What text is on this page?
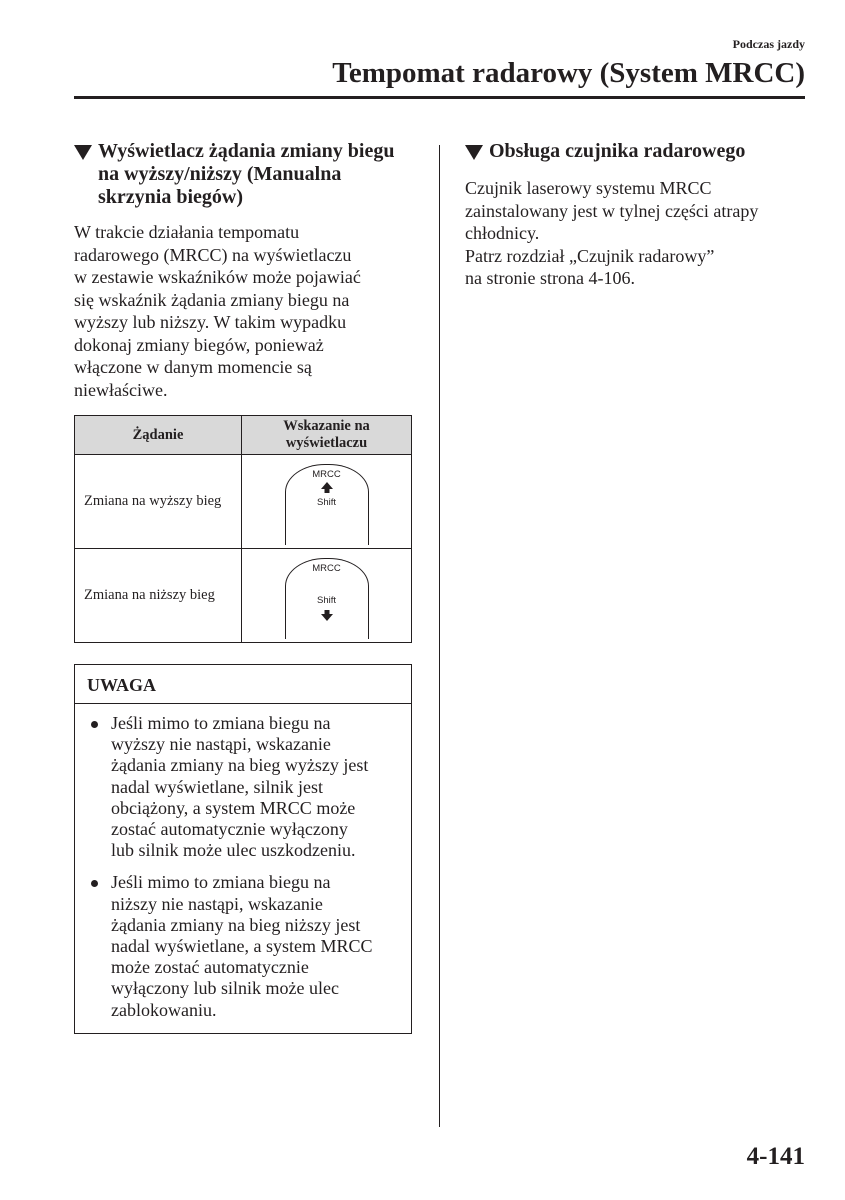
Podczas jazdy
Tempomat radarowy (System MRCC)
Wyświetlacz żądania zmiany biegu na wyższy/niższy (Manualna skrzynia biegów)

W trakcie działania tempomatu
radarowego (MRCC) na wyświetlaczu
w zestawie wskaźników może pojawiać
się wskaźnik żądania zmiany biegu na
wyższy lub niższy. W takim wypadku
dokonaj zmiany biegów, ponieważ
włączone w danym momencie są
niewłaściwe.

Żądanie	Wskazanie na wyświetlaczu
Zmiana na wyższy bieg	MRCC
Shift

Zmiana na niższy bieg	MRCC
Shift
UWAGA
Jeśli mimo to zmiana biegu na
wyższy nie nastąpi, wskazanie
żądania zmiany na bieg wyższy jest
nadal wyświetlane, silnik jest
obciążony, a system MRCC może
zostać automatycznie wyłączony
lub silnik może ulec uszkodzeniu.
Jeśli mimo to zmiana biegu na
niższy nie nastąpi, wskazanie
żądania zmiany na bieg niższy jest
nadal wyświetlane, a system MRCC
może zostać automatycznie
wyłączony lub silnik może ulec
zablokowaniu.
Obsługa czujnika radarowego

Czujnik laserowy systemu MRCC
zainstalowany jest w tylnej części atrapy
chłodnicy.
Patrz rozdział „Czujnik radarowy”
na stronie strona 4-106.

4-141
